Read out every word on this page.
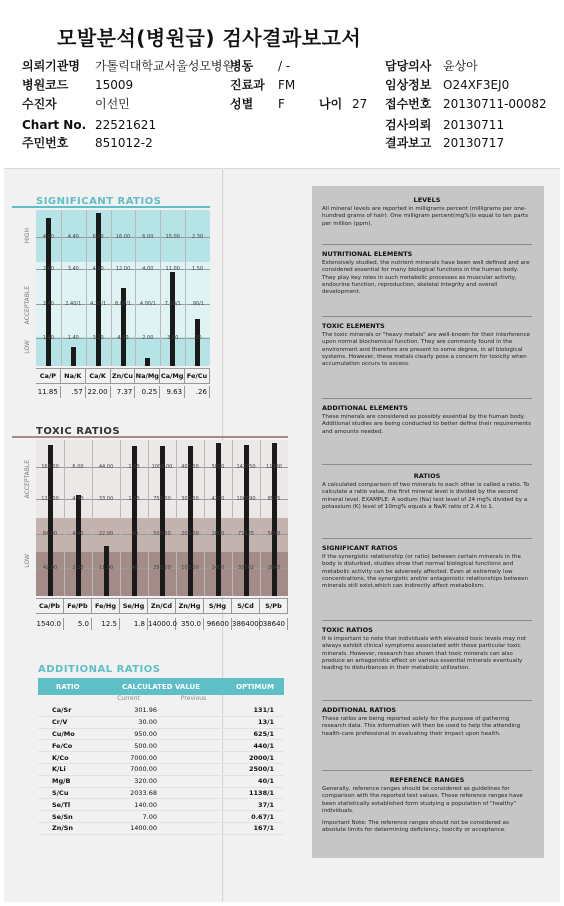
모발분석(병원급) 검사결과보고서
의뢰기관명 가톨릭대학교서울성모병원
병동 / -	담당의사 윤상아
병원코드 15009	진료과 FM	임상정보 O24XF3EJ0
수진자	이선민	성별 F	나이 27 접수번호 20130711-00082
Chart No. 22521621	검사의뢰 20130711
주민번호 851012-2	결과보고 20130717
SIGNIFICANT RATIOS
HIGH
ACCEPTABLE
LOW
4.00
2.60
2.40
1.40
4.40
3.40
2.40/1
1.40
6.00
4.00
4.20/1
3.20
16.00
12.00
8.00/1
4.00
6.00
4.00
4.00/1
2.00
15.00
11.00
7.00/1
3.00
2.30
1.50
.90/1
.20
Ca/P	Na/K	Ca/K Zn/Cu Na/Mg Ca/Mg Fe/Cu
11.85	.57 22.00	7.37	0.25	9.63	.26
TOXIC RATIOS
ACCEPTABLE
LOW
168.00
126.00
84.00
42.00
6.00
4.40
4.40
2.20
44.00
33.00
22.00
11.00
1.80
1.20
.90
.45
1000.00
750.00
500.00
250.00
400.00
300.00
200.00
100.00
5800
4200
2800
1400
142250
106690
71125
35562
11380
8535
5690
2845
Ca/Pb	Fe/Pb	Fe/Hg	Se/Hg	Zn/Cd	Zn/Hg	S/Hg	S/Cd	S/Pb
1540.0	5.0	12.5	1.8 14000.0 350.0 96600 3864000 38640
ADDITIONAL RATIOS
RATIO	CALCULATED VALUE	OPTIMUM
Current	Previous
Ca/Sr	301.96	131/1
Cr/V	30.00	13/1
Cu/Mo	950.00	625/1
Fe/Co	500.00	440/1
K/Co	7000.00	2000/1
K/Li	7000.00	2500/1
Mg/B	320.00	40/1
S/Cu	2033.68	1138/1
Se/Tl	140.00	37/1
Se/Sn	7.00	0.67/1
Zn/Sn	1400.00	167/1
LEVELS

All mineral levels are reported in milligrams percent (milligrams per one-hundred grams of hair). One milligram percent(mg%)is equal to ten parts per million (ppm).

NUTRITIONAL ELEMENTS

Extensively studied, the nutrient minerals have been well defined and are considered essential for many biological functions in the human body. They play key roles in such metabolic processes as muscular activity, endocrine function, reproduction, skeletal integrity and overall development.

TOXIC ELEMENTS

The toxic minerals or "heavy metals" are well-known for their interference upon normal biochemical function. They are commonly found in the environment and therefore are present to some degree, in all biological systems. However, these metals clearly pose a concern for toxicity when accumulation occurs to excess.

ADDITIONAL ELEMENTS

These minerals are considered as possibly essential by the human body. Additional studies are being conducted to better define their requirements and amounts needed.

RATIOS

A calculated comparison of two minerals to each other is called a ratio. To calculate a ratio value, the first mineral level is divided by the second mineral level. EXAMPLE: A sodium (Na) test level of 24 mg% divided by a potassium (K) level of 10mg% equals a Na/K ratio of 2.4 to 1.

SIGNIFICANT RATIOS

If the synergistic relationship (or ratio) between certain minerals in the body is disturbed, studies show that normal biological functions and metabolic activity can be adversely affected. Even at extremely low concentrations, the synergistic and/or antagonistic relationships between minerals still exist,which can indirectly affect metabolism.

TOXIC RATIOS

It is important to note that individuals with elevated toxic levels may not always exhibit clinical symptoms associated with those particular toxic minerals. However, research has shown that toxic minerals can also produce an antagonistic effect on various essential minerals eventually leading to disturbances in their metabolic utilization.

ADDITIONAL RATIOS

These ratios are being reported solely for the purpose of gathering research data. This information will then be used to help the attending health-care professional in evaluating their impact upon health.

REFERENCE RANGES

Generally, reference ranges should be considered as guidelines for comparison with the reported test values. These reference ranges have been statistically established form studying a population of "healthy" individuals.

Important Note: The reference ranges should not be considered as absolute limits for determining deficiency, toxicity or acceptance.
